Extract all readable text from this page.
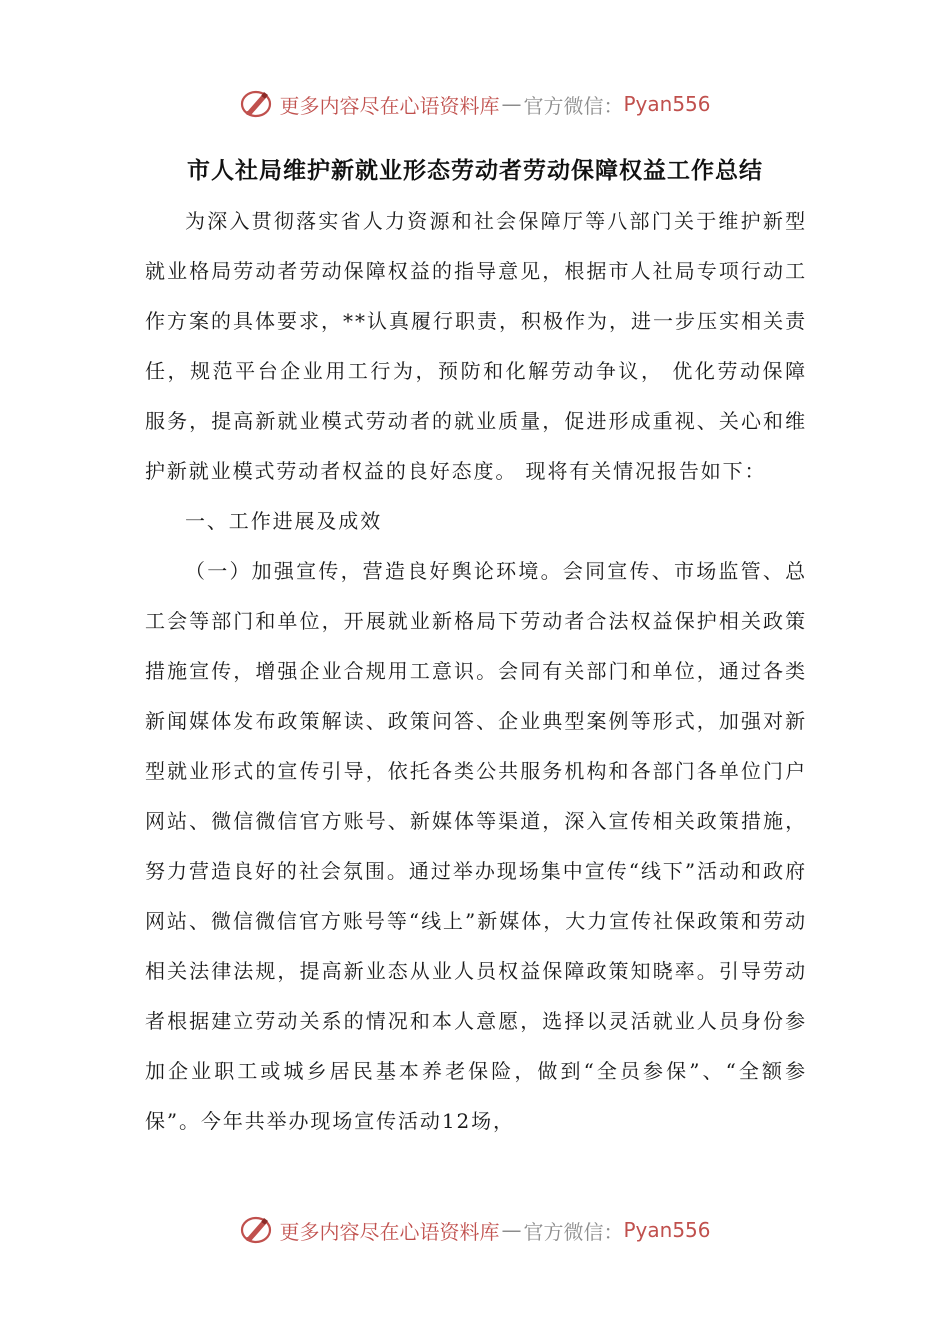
更多内容尽在心语资料库 — 官方微信： Pyan556
市人社局维护新就业形态劳动者劳动保障权益工作总结

为深入贯彻落实省人力资源和社会保障厅等八部门关于维护新型就业格局劳动者劳动保障权益的指导意见，根据市人社局专项行动工作方案的具体要求，**认真履行职责，积极作为，进一步压实相关责任，规范平台企业用工行为，预防和化解劳动争议， 优化劳动保障服务，提高新就业模式劳动者的就业质量，促进形成重视、关心和维护新就业模式劳动者权益的良好态度。 现将有关情况报告如下：

一、工作进展及成效

（一）加强宣传，营造良好舆论环境。会同宣传、市场监管、总工会等部门和单位，开展就业新格局下劳动者合法权益保护相关政策措施宣传，增强企业合规用工意识。会同有关部门和单位，通过各类新闻媒体发布政策解读、政策问答、企业典型案例等形式，加强对新型就业形式的宣传引导，依托各类公共服务机构和各部门各单位门户网站、微信微信官方账号、新媒体等渠道，深入宣传相关政策措施，努力营造良好的社会氛围。通过举办现场集中宣传“线下”活动和政府网站、微信微信官方账号等“线上”新媒体，大力宣传社保政策和劳动相关法律法规，提高新业态从业人员权益保障政策知晓率。引导劳动者根据建立劳动关系的情况和本人意愿，选择以灵活就业人员身份参加企业职工或城乡居民基本养老保险，做到“全员参保”、“全额参保”。今年共举办现场宣传活动12场，

更多内容尽在心语资料库 — 官方微信： Pyan556
